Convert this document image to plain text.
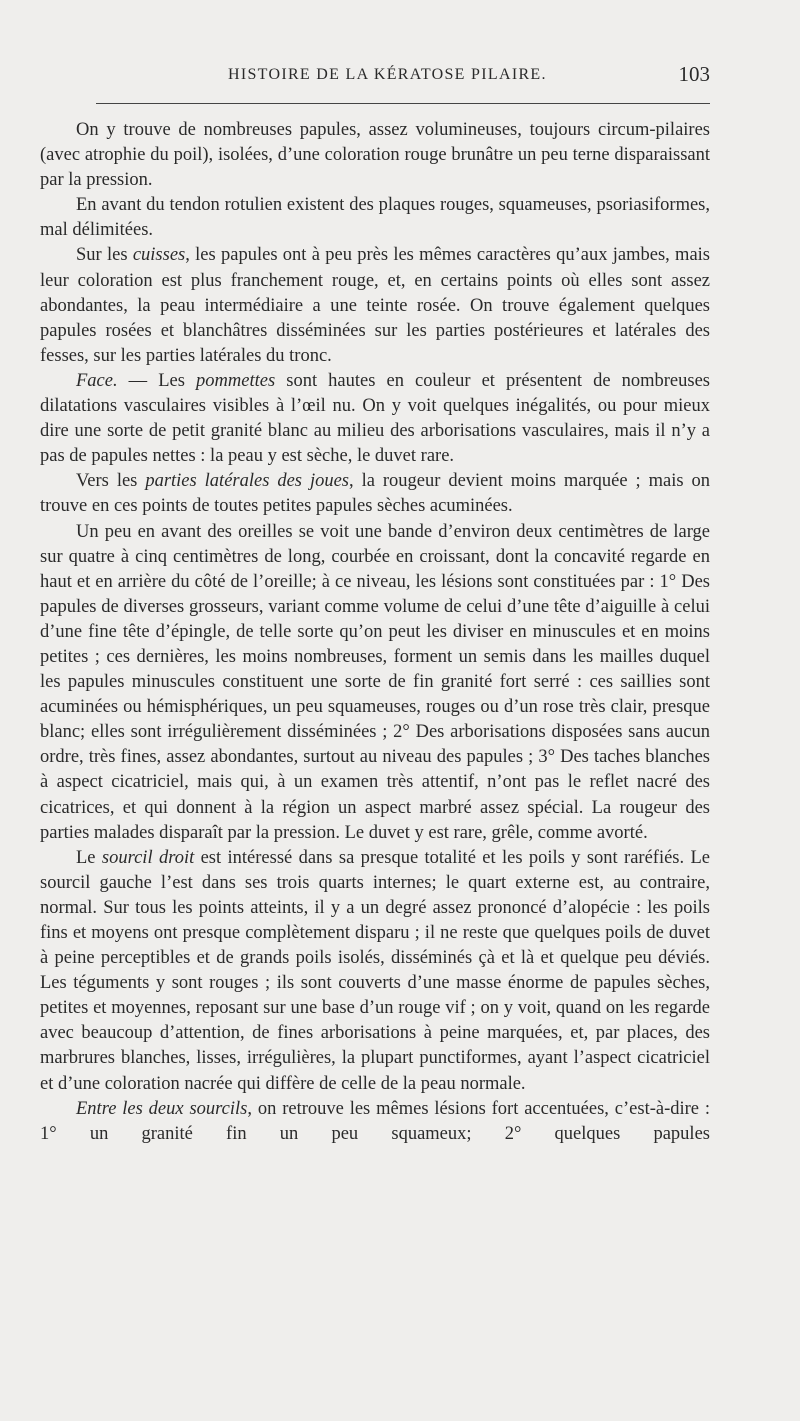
HISTOIRE DE LA KÉRATOSE PILAIRE.	103

On y trouve de nombreuses papules, assez volumineuses, toujours circum-pilaires (avec atrophie du poil), isolées, d’une coloration rouge brunâtre un peu terne disparaissant par la pression.

En avant du tendon rotulien existent des plaques rouges, squameuses, psoriasiformes, mal délimitées.

Sur les cuisses, les papules ont à peu près les mêmes caractères qu’aux jambes, mais leur coloration est plus franchement rouge, et, en certains points où elles sont assez abondantes, la peau intermédiaire a une teinte rosée. On trouve également quelques papules rosées et blanchâtres disséminées sur les parties postérieures et latérales des fesses, sur les parties latérales du tronc.

Face. — Les pommettes sont hautes en couleur et présentent de nombreuses dilatations vasculaires visibles à l’œil nu. On y voit quelques inégalités, ou pour mieux dire une sorte de petit granité blanc au milieu des arborisations vasculaires, mais il n’y a pas de papules nettes : la peau y est sèche, le duvet rare.

Vers les parties latérales des joues, la rougeur devient moins marquée ; mais on trouve en ces points de toutes petites papules sèches acuminées.

Un peu en avant des oreilles se voit une bande d’environ deux centimètres de large sur quatre à cinq centimètres de long, courbée en croissant, dont la concavité regarde en haut et en arrière du côté de l’oreille; à ce niveau, les lésions sont constituées par : 1° Des papules de diverses grosseurs, variant comme volume de celui d’une tête d’aiguille à celui d’une fine tête d’épingle, de telle sorte qu’on peut les diviser en minuscules et en moins petites ; ces dernières, les moins nombreuses, forment un semis dans les mailles duquel les papules minuscules constituent une sorte de fin granité fort serré : ces saillies sont acuminées ou hémisphériques, un peu squameuses, rouges ou d’un rose très clair, presque blanc; elles sont irrégulièrement disséminées ; 2° Des arborisations disposées sans aucun ordre, très fines, assez abondantes, surtout au niveau des papules ; 3° Des taches blanches à aspect cicatriciel, mais qui, à un examen très attentif, n’ont pas le reflet nacré des cicatrices, et qui donnent à la région un aspect marbré assez spécial. La rougeur des parties malades disparaît par la pression. Le duvet y est rare, grêle, comme avorté.

Le sourcil droit est intéressé dans sa presque totalité et les poils y sont raréfiés. Le sourcil gauche l’est dans ses trois quarts internes; le quart externe est, au contraire, normal. Sur tous les points atteints, il y a un degré assez prononcé d’alopécie : les poils fins et moyens ont presque complètement disparu ; il ne reste que quelques poils de duvet à peine perceptibles et de grands poils isolés, disséminés çà et là et quelque peu déviés. Les téguments y sont rouges ; ils sont couverts d’une masse énorme de papules sèches, petites et moyennes, reposant sur une base d’un rouge vif ; on y voit, quand on les regarde avec beaucoup d’attention, de fines arborisations à peine marquées, et, par places, des marbrures blanches, lisses, irrégulières, la plupart punctiformes, ayant l’aspect cicatriciel et d’une coloration nacrée qui diffère de celle de la peau normale.

Entre les deux sourcils, on retrouve les mêmes lésions fort accentuées, c’est-à-dire : 1° un granité fin un peu squameux; 2° quelques papules
